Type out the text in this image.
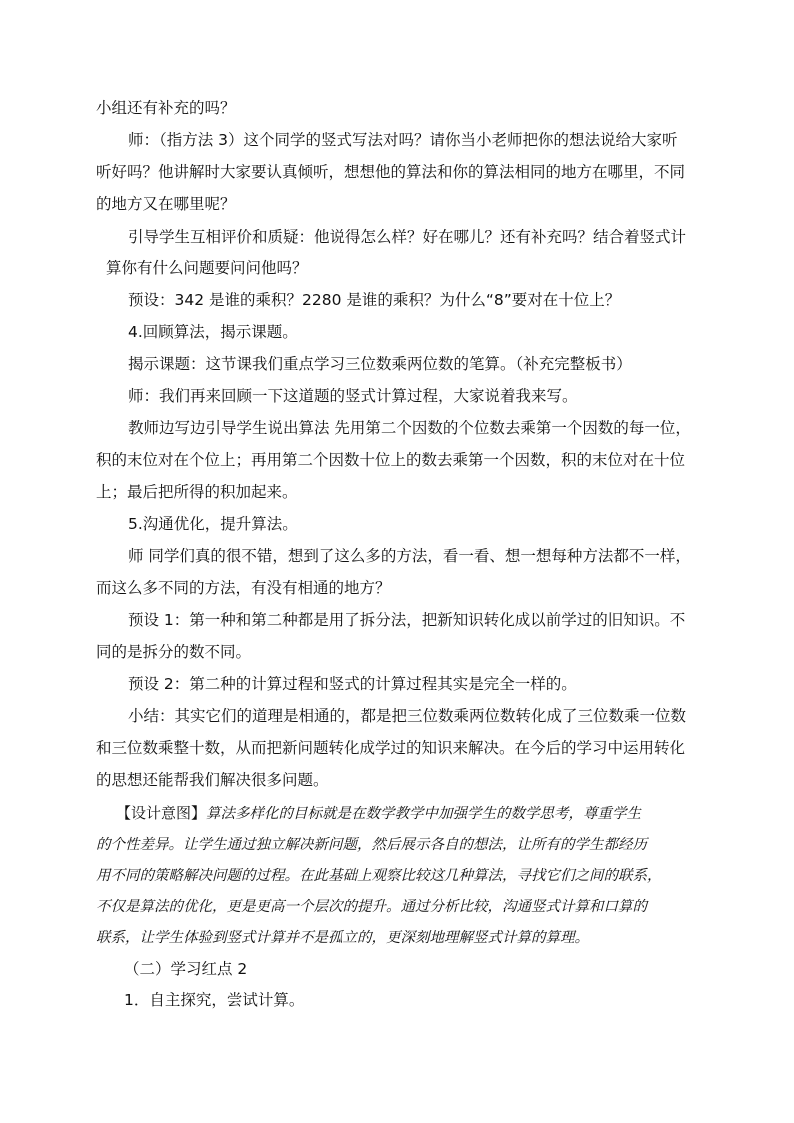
小组还有补充的吗？

师：（指方法 3）这个同学的竖式写法对吗？请你当小老师把你的想法说给大家听

听好吗？他讲解时大家要认真倾听，想想他的算法和你的算法相同的地方在哪里，不同

的地方又在哪里呢？

引导学生互相评价和质疑：他说得怎么样？好在哪儿？还有补充吗？结合着竖式计

算你有什么问题要问问他吗？

预设：342 是谁的乘积？2280 是谁的乘积？为什么“8”要对在十位上？

4.回顾算法，揭示课题。

揭示课题：这节课我们重点学习三位数乘两位数的笔算。（补充完整板书）

师：我们再来回顾一下这道题的竖式计算过程，大家说着我来写。

教师边写边引导学生说出算法 先用第二个因数的个位数去乘第一个因数的每一位，

积的末位对在个位上；再用第二个因数十位上的数去乘第一个因数，积的末位对在十位

上；最后把所得的积加起来。

5.沟通优化，提升算法。

师 同学们真的很不错，想到了这么多的方法，看一看、想一想每种方法都不一样，

而这么多不同的方法，有没有相通的地方？

预设 1：第一种和第二种都是用了拆分法，把新知识转化成以前学过的旧知识。不

同的是拆分的数不同。

预设 2：第二种的计算过程和竖式的计算过程其实是完全一样的。

小结：其实它们的道理是相通的，都是把三位数乘两位数转化成了三位数乘一位数

和三位数乘整十数，从而把新问题转化成学过的知识来解决。在今后的学习中运用转化

的思想还能帮我们解决很多问题。

【设计意图】算法多样化的目标就是在数学教学中加强学生的数学思考，尊重学生

的个性差异。让学生通过独立解决新问题，然后展示各自的想法，让所有的学生都经历

用不同的策略解决问题的过程。在此基础上观察比较这几种算法，寻找它们之间的联系，

不仅是算法的优化，更是更高一个层次的提升。通过分析比较，沟通竖式计算和口算的

联系，让学生体验到竖式计算并不是孤立的，更深刻地理解竖式计算的算理。

（二）学习红点 2

1．自主探究，尝试计算。
